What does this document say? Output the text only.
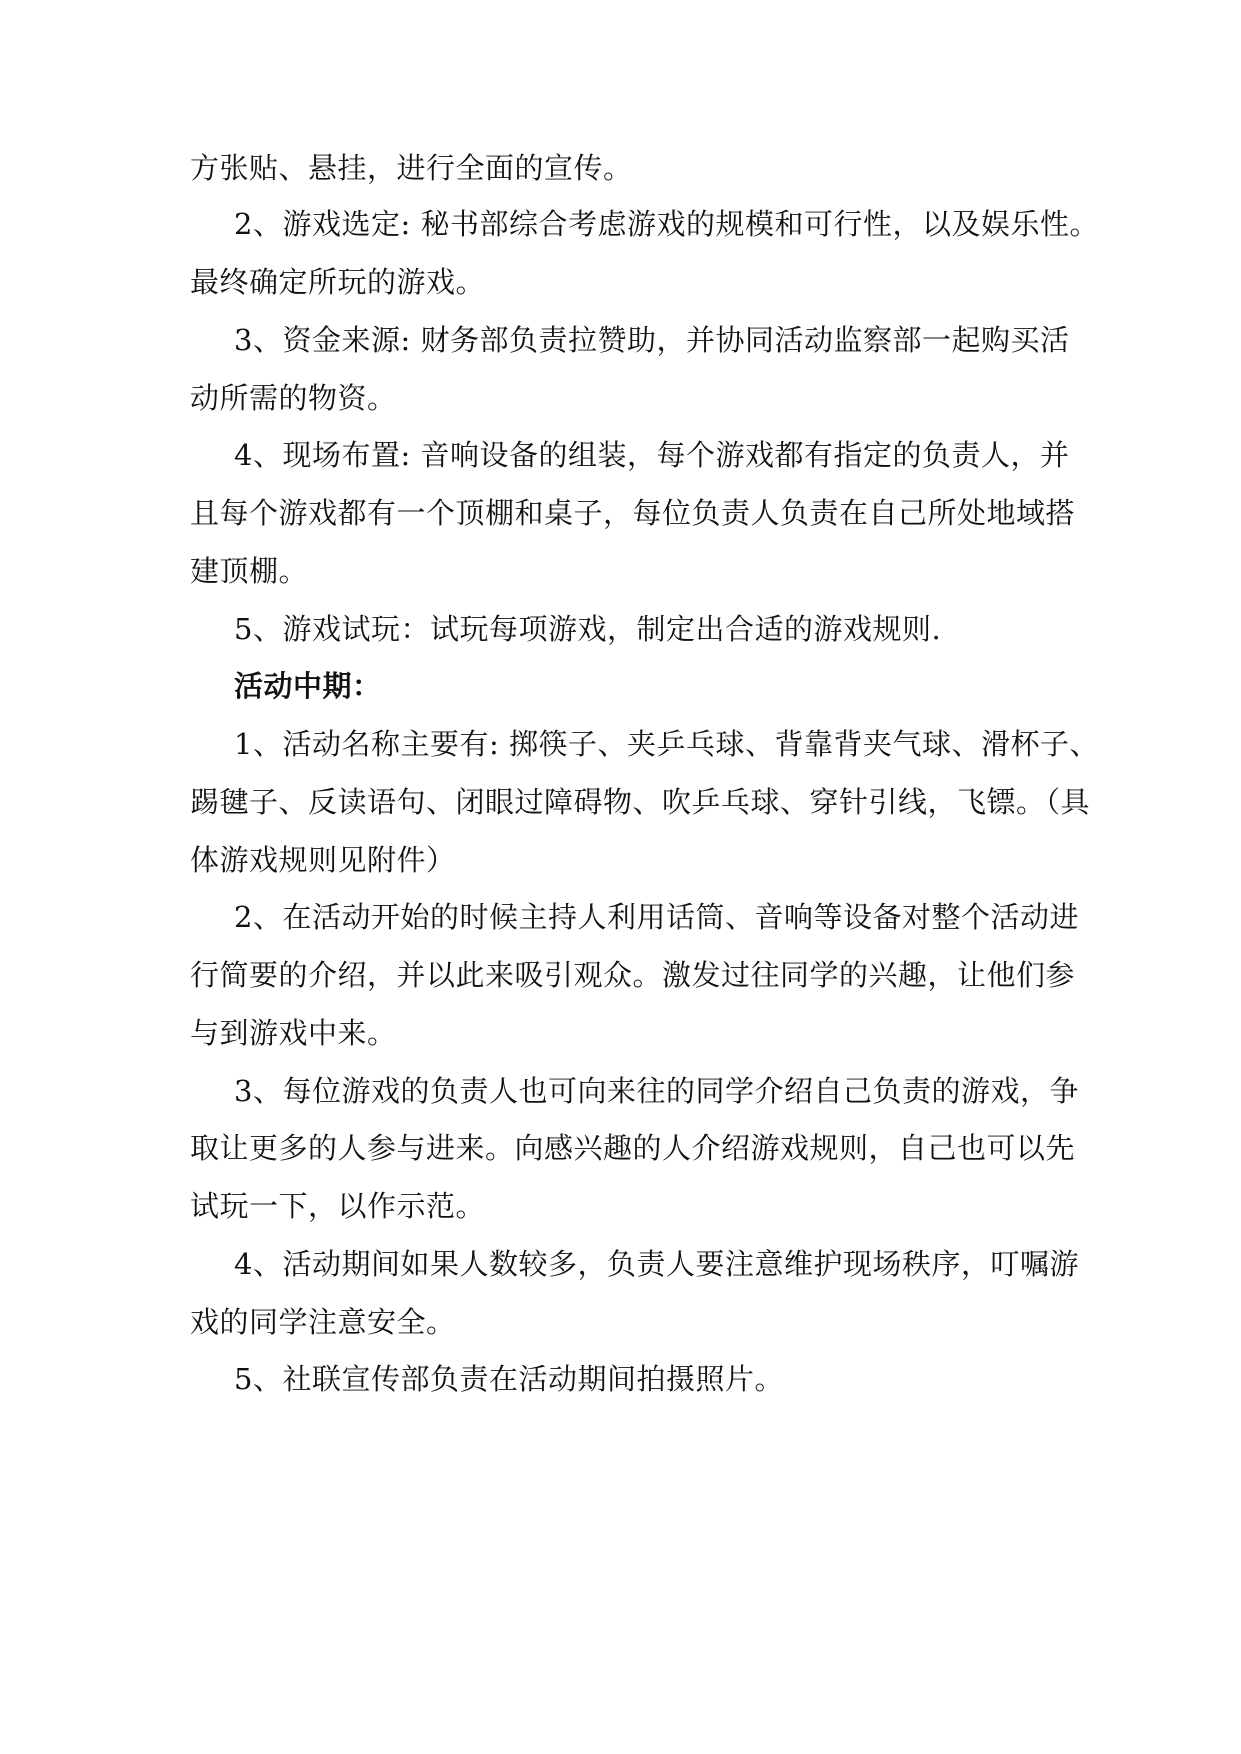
方张贴、悬挂，进行全面的宣传。
2、游戏选定: 秘书部综合考虑游戏的规模和可行性，以及娱乐性。
最终确定所玩的游戏。
3、资金来源: 财务部负责拉赞助，并协同活动监察部一起购买活
动所需的物资。
4、现场布置: 音响设备的组装，每个游戏都有指定的负责人，并
且每个游戏都有一个顶棚和桌子，每位负责人负责在自己所处地域搭
建顶棚。
5、游戏试玩：试玩每项游戏，制定出合适的游戏规则.
活动中期：
1、活动名称主要有: 掷筷子、夹乒乓球、背靠背夹气球、滑杯子、
踢毽子、反读语句、闭眼过障碍物、吹乒乓球、穿针引线，飞镖。（具
体游戏规则见附件）
2、在活动开始的时候主持人利用话筒、音响等设备对整个活动进
行简要的介绍，并以此来吸引观众。激发过往同学的兴趣，让他们参
与到游戏中来。
3、每位游戏的负责人也可向来往的同学介绍自己负责的游戏，争
取让更多的人参与进来。向感兴趣的人介绍游戏规则，自己也可以先
试玩一下，以作示范。
4、活动期间如果人数较多，负责人要注意维护现场秩序，叮嘱游
戏的同学注意安全。
5、社联宣传部负责在活动期间拍摄照片。
